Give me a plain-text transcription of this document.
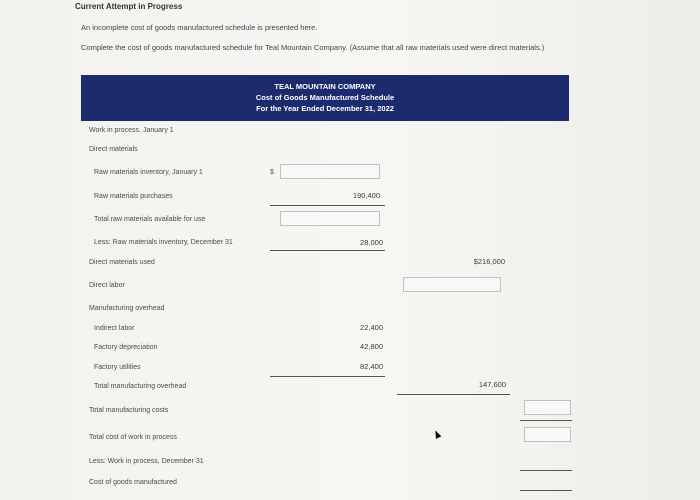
Current Attempt in Progress
An incomplete cost of goods manufactured schedule is presented here.
Complete the cost of goods manufactured schedule for Teal Mountain Company. (Assume that all raw materials used were direct materials.)
TEAL MOUNTAIN COMPANY
Cost of Goods Manufactured Schedule
For the Year Ended December 31, 2022
Work in process, January 1
Direct materials
Raw materials inventory, January 1
Raw materials purchases
Total raw materials available for use
Less: Raw materials inventory, December 31
Direct materials used
Direct labor
Manufacturing overhead
Indirect labor
Factory depreciation
Factory utilities
Total manufacturing overhead
Total manufacturing costs
Total cost of work in process
Less: Work in process, December 31
Cost of goods manufactured
$
190,400
28,000
$216,000
22,400
42,800
82,400
147,600
